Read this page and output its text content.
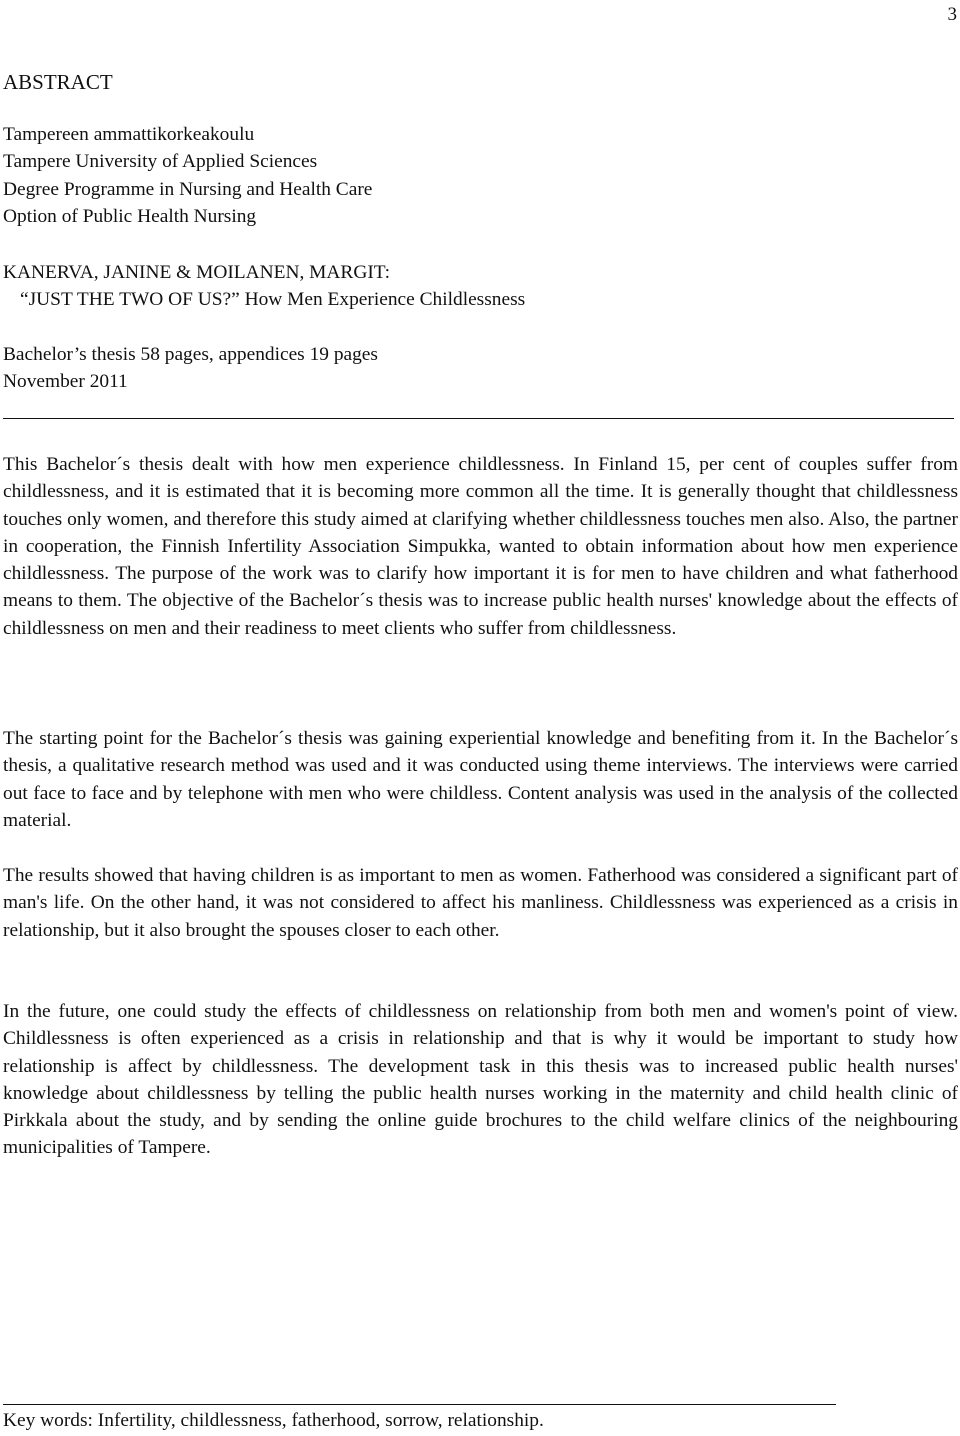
3
ABSTRACT
Tampereen ammattikorkeakoulu
Tampere University of Applied Sciences
Degree Programme in Nursing and Health Care
Option of Public Health Nursing
KANERVA, JANINE & MOILANEN, MARGIT:
“JUST THE TWO OF US?” How Men Experience Childlessness
Bachelor’s thesis 58 pages, appendices 19 pages
November 2011
This Bachelor´s thesis dealt with how men experience childlessness. In Finland 15, per cent of couples suffer from childlessness, and it is estimated that it is becoming more common all the time. It is generally thought that childlessness touches only women, and therefore this study aimed at clarifying whether childlessness touches men also. Also, the partner in cooperation, the Finnish Infertility Association Simpukka, wanted to obtain information about how men experience childlessness. The purpose of the work was to clarify how important it is for men to have children and what fatherhood means to them. The objective of the Bachelor´s thesis was to increase public health nurses' knowledge about the effects of childlessness on men and their readiness to meet clients who suffer from childlessness.
The starting point for the Bachelor´s thesis was gaining experiential knowledge and benefiting from it. In the Bachelor´s thesis, a qualitative research method was used and it was conducted using theme interviews. The interviews were carried out face to face and by telephone with men who were childless. Content analysis was used in the analysis of the collected material.
The results showed that having children is as important to men as women. Fatherhood was considered a significant part of man's life. On the other hand, it was not considered to affect his manliness. Childlessness was experienced as a crisis in relationship, but it also brought the spouses closer to each other.
In the future, one could study the effects of childlessness on relationship from both men and women's point of view. Childlessness is often experienced as a crisis in relationship and that is why it would be important to study how relationship is affect by childlessness. The development task in this thesis was to increased public health nurses' knowledge about childlessness by telling the public health nurses working in the maternity and child health clinic of Pirkkala about the study, and by sending the online guide brochures to the child welfare clinics of the neighbouring municipalities of Tampere.
Key words: Infertility, childlessness, fatherhood, sorrow, relationship.
